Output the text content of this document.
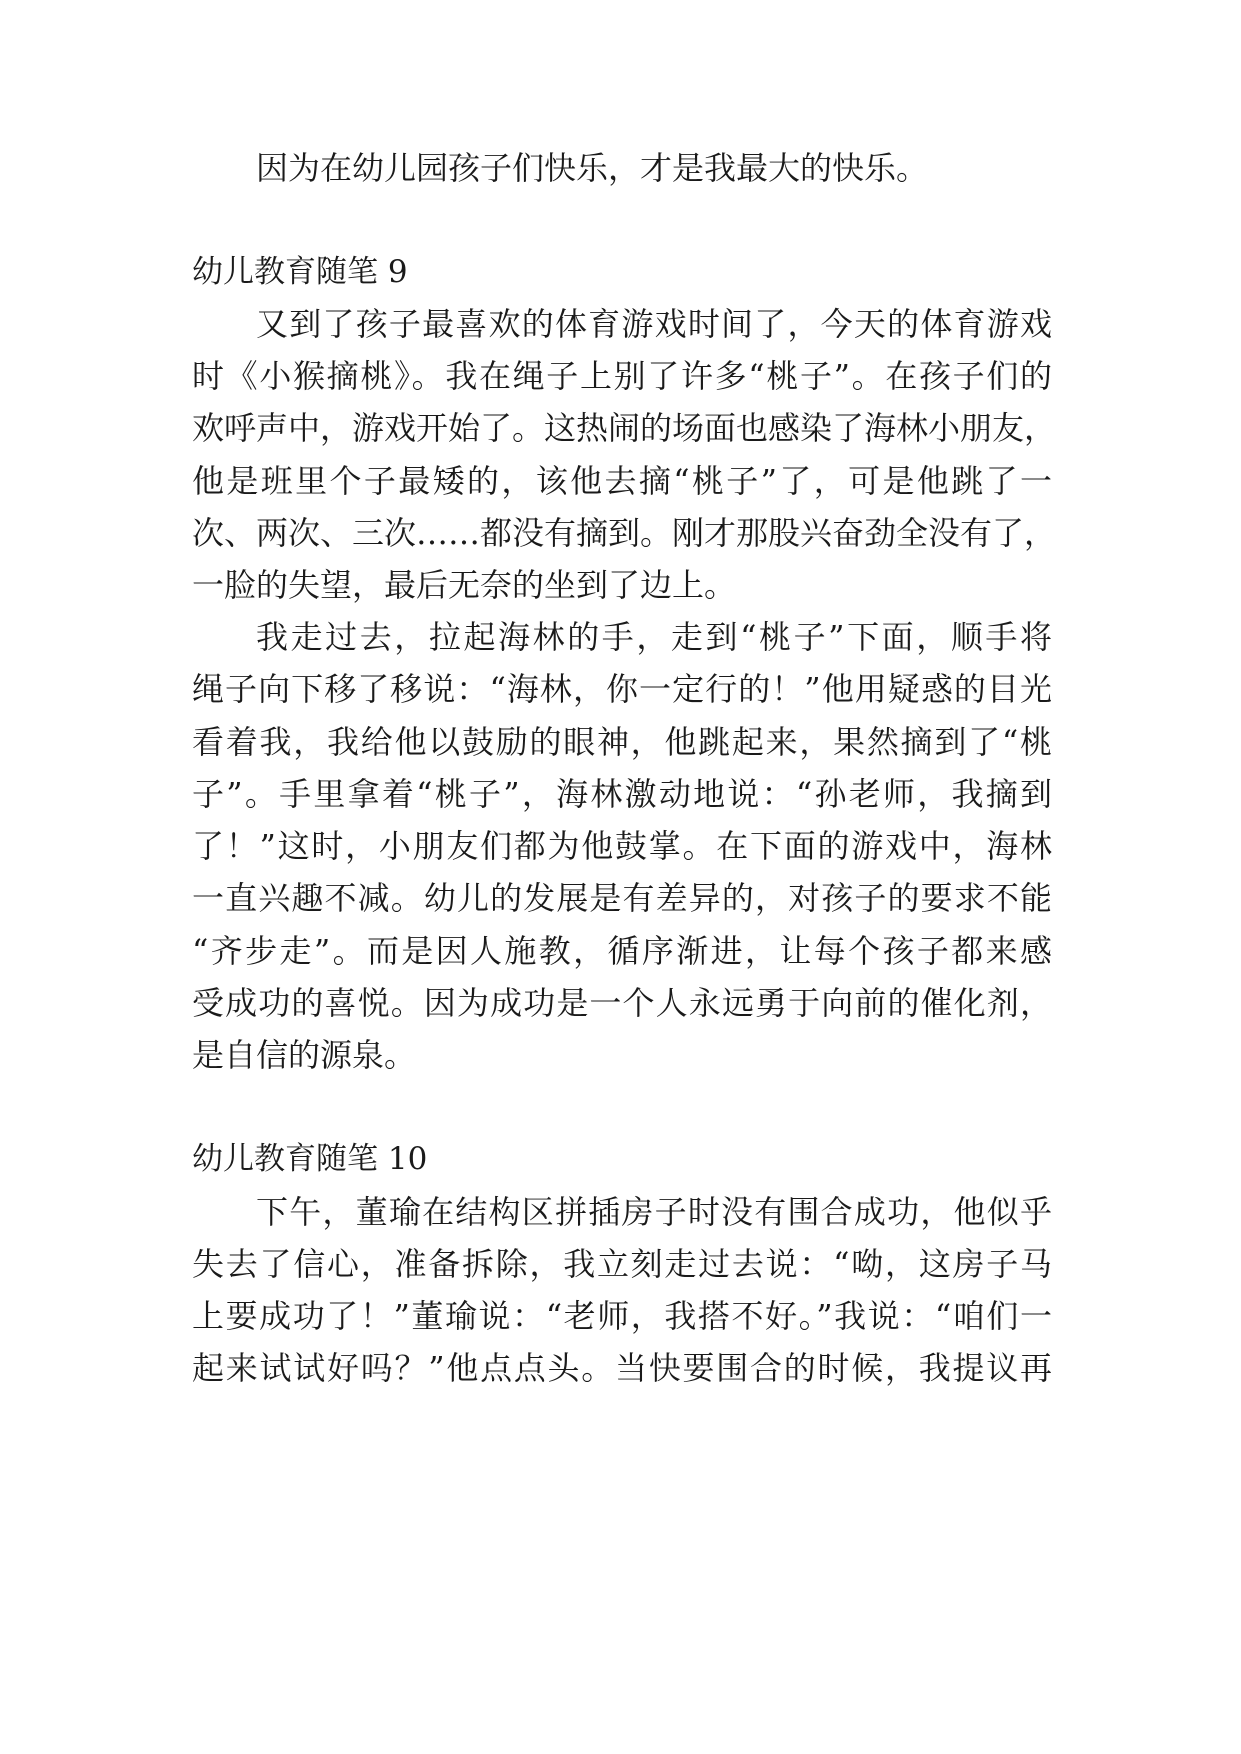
因为在幼儿园孩子们快乐，才是我最大的快乐。
幼儿教育随笔 9
又到了孩子最喜欢的体育游戏时间了，今天的体育游戏
时《小猴摘桃》。我在绳子上别了许多“桃子”。在孩子们的
欢呼声中，游戏开始了。这热闹的场面也感染了海林小朋友，
他是班里个子最矮的，该他去摘“桃子”了，可是他跳了一
次、两次、三次……都没有摘到。刚才那股兴奋劲全没有了，
一脸的失望，最后无奈的坐到了边上。
我走过去，拉起海林的手，走到“桃子”下面，顺手将
绳子向下移了移说：“海林，你一定行的！”他用疑惑的目光
看着我，我给他以鼓励的眼神，他跳起来，果然摘到了“桃
子”。手里拿着“桃子”，海林激动地说：“孙老师，我摘到
了！”这时，小朋友们都为他鼓掌。在下面的游戏中，海林
一直兴趣不减。幼儿的发展是有差异的，对孩子的要求不能
“齐步走”。而是因人施教，循序渐进，让每个孩子都来感
受成功的喜悦。因为成功是一个人永远勇于向前的催化剂，
是自信的源泉。
幼儿教育随笔 10
下午，董瑜在结构区拼插房子时没有围合成功，他似乎
失去了信心，准备拆除，我立刻走过去说：“呦，这房子马
上要成功了！”董瑜说：“老师，我搭不好。”我说：“咱们一
起来试试好吗？”他点点头。当快要围合的时候，我提议再
